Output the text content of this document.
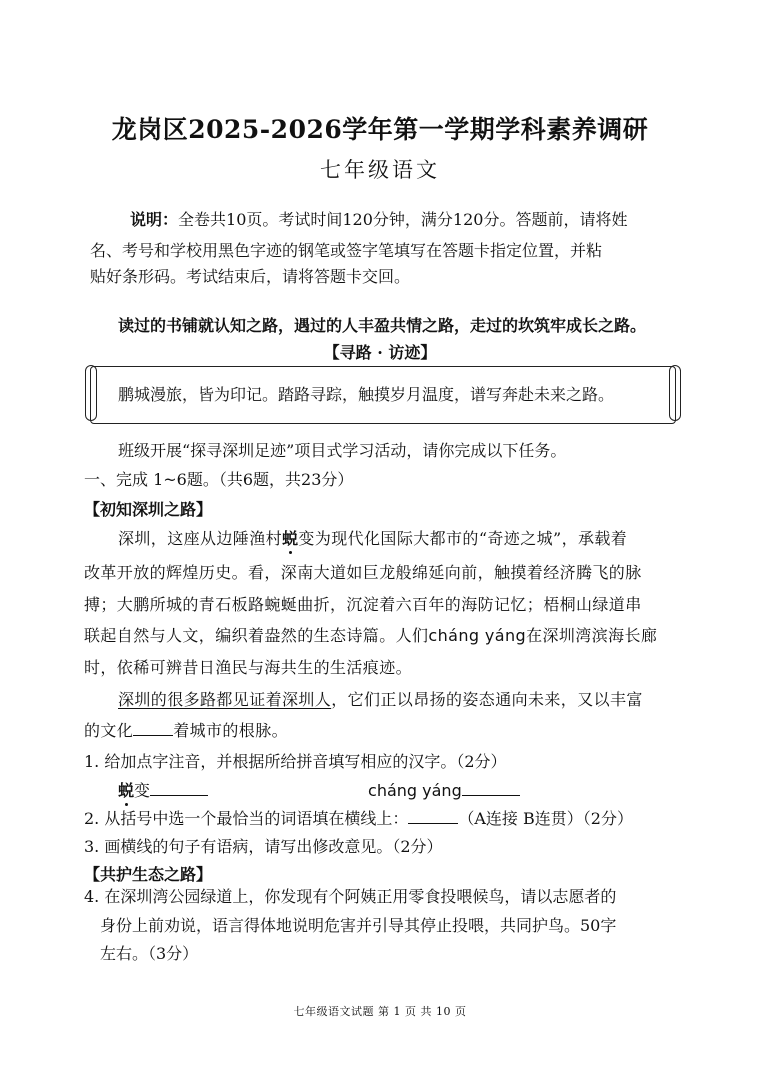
龙岗区2025-2026学年第一学期学科素养调研
七年级语文
说明：全卷共10页。考试时间120分钟，满分120分。答题前，请将姓
名、考号和学校用黑色字迹的钢笔或签字笔填写在答题卡指定位置，并粘
贴好条形码。考试结束后，请将答题卡交回。
读过的书铺就认知之路，遇过的人丰盈共情之路，走过的坎筑牢成长之路。
【寻路 · 访迹】
鹏城漫旅，皆为印记。踏路寻踪，触摸岁月温度，谱写奔赴未来之路。
班级开展“探寻深圳足迹”项目式学习活动，请你完成以下任务。
一、完成 1~6题。（共6题，共23分）
【初知深圳之路】
深圳，这座从边陲渔村蜕变为现代化国际大都市的“奇迹之城”，承载着
改革开放的辉煌历史。看，深南大道如巨龙般绵延向前，触摸着经济腾飞的脉
搏；大鹏所城的青石板路蜿蜒曲折，沉淀着六百年的海防记忆；梧桐山绿道串
联起自然与人文，编织着盎然的生态诗篇。人们cháng yáng在深圳湾滨海长廊
时，依稀可辨昔日渔民与海共生的生活痕迹。
深圳的很多路都见证着深圳人，它们正以昂扬的姿态通向未来，又以丰富
的文化	着城市的根脉。
1. 给加点字注音，并根据所给拼音填写相应的汉字。（2分）
蜕变	cháng yáng
2. 从括号中选一个最恰当的词语填在横线上：	（A连接 B连贯）（2分）
3. 画横线的句子有语病，请写出修改意见。（2分）
【共护生态之路】
4. 在深圳湾公园绿道上，你发现有个阿姨正用零食投喂候鸟，请以志愿者的
身份上前劝说，语言得体地说明危害并引导其停止投喂，共同护鸟。50字
左右。（3分）
七年级语文试题 第 1 页 共 10 页
